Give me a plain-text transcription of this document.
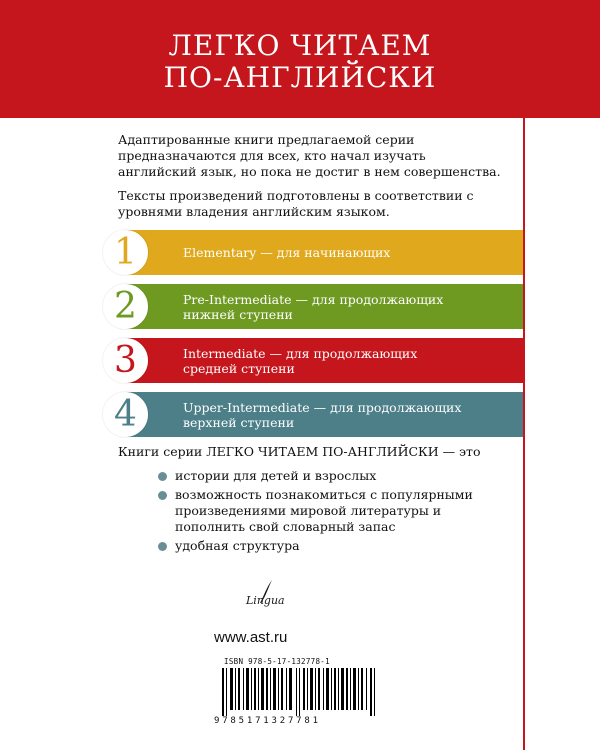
ЛЕГКО ЧИТАЕМ
ПО-АНГЛИЙСКИ

Адаптированные книги предлагаемой серии предназначаются для всех, кто начал изучать английский язык, но пока не достиг в нем совершенства.

Тексты произведений подготовлены в соответствии с уровнями владения английским языком.

Elementary — для начинающих
1
Pre-Intermediate — для продолжающих
нижней ступени
2
Intermediate — для продолжающих
средней ступени
3
Upper-Intermediate — для продолжающих
верхней ступени
4
Книги серии ЛЕГКО ЧИТАЕМ ПО-АНГЛИЙСКИ — это
истории для детей и взрослых
возможность познакомиться с популярными произведениями мировой литературы и пополнить свой словарный запас
удобная структура
Lingua
www.ast.ru
ISBN 978-5-17-132778-1
9785171327781
